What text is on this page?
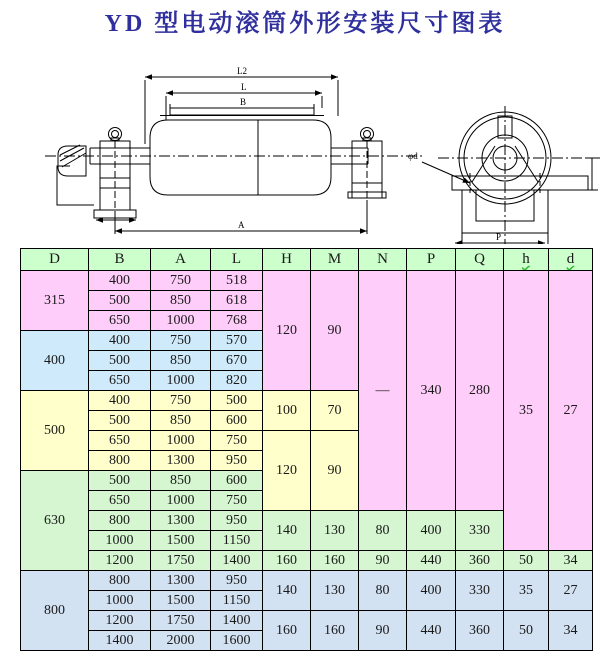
YD 型电动滚筒外形安装尺寸图表
L2
L
B
A
φd
P
D	B	A	L	H	M	N	P	Q	h	d
315	400	750	518	120	90	—	340	280	35	27
	500	850	618							
	650	1000	768							
400	400	750	570							
	500	850	670							
	650	1000	820							
500	400	750	500	100	70					
	500	850	600							
	650	1000	750	120	90					
	800	1300	950							
630	500	850	600							
	650	1000	750							
	800	1300	950	140	130	80	400	330		
	1000	1500	1150							
	1200	1750	1400	160	160	90	440	360	50	34
800	800	1300	950	140	130	80	400	330	35	27
	1000	1500	1150							
	1200	1750	1400	160	160	90	440	360	50	34
	1400	2000	1600							
